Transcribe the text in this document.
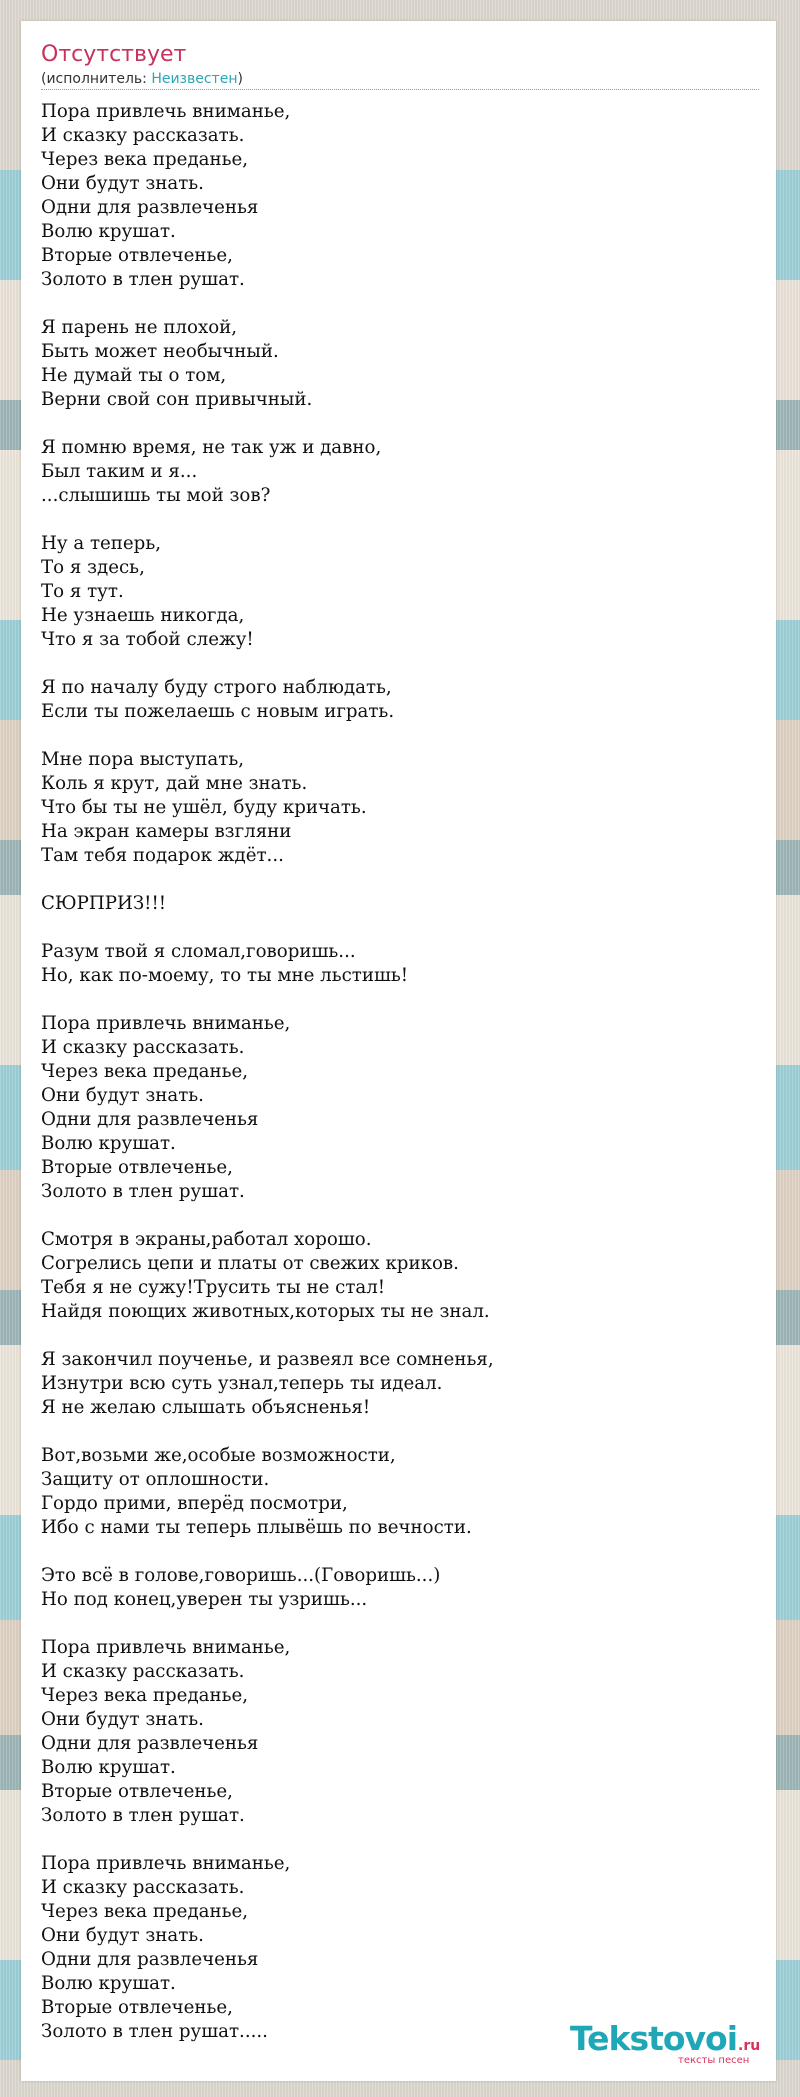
Отсутствует
(исполнитель: Неизвестен)
Пора привлечь вниманье,
И сказку рассказать.
Через века преданье,
Они будут знать.
Одни для развлеченья
Волю крушат.
Вторые отвлеченье,
Золото в тлен рушат.
Я парень не плохой,
Быть может необычный.
Не думай ты о том,
Верни свой сон привычный.
Я помню время, не так уж и давно,
Был таким и я...
...слышишь ты мой зов?
Ну а теперь,
То я здесь,
То я тут.
Не узнаешь никогда,
Что я за тобой слежу!
Я по началу буду строго наблюдать,
Если ты пожелаешь с новым играть.
Мне пора выступать,
Коль я крут, дай мне знать.
Что бы ты не ушёл, буду кричать.
На экран камеры взгляни
Там тебя подарок ждёт...
СЮРПРИЗ!!!
Разум твой я сломал,говоришь...
Но, как по-моему, то ты мне льстишь!
Пора привлечь вниманье,
И сказку рассказать.
Через века преданье,
Они будут знать.
Одни для развлеченья
Волю крушат.
Вторые отвлеченье,
Золото в тлен рушат.
Смотря в экраны,работал хорошо.
Согрелись цепи и платы от свежих криков.
Тебя я не сужу!Трусить ты не стал!
Найдя поющих животных,которых ты не знал.
Я закончил поученье, и развеял все сомненья,
Изнутри всю суть узнал,теперь ты идеал.
Я не желаю слышать объясненья!
Вот,возьми же,особые возможности,
Защиту от оплошности.
Гордо прими, вперёд посмотри,
Ибо с нами ты теперь плывёшь по вечности.
Это всё в голове,говоришь...(Говоришь...)
Но под конец,уверен ты узришь...
Пора привлечь вниманье,
И сказку рассказать.
Через века преданье,
Они будут знать.
Одни для развлеченья
Волю крушат.
Вторые отвлеченье,
Золото в тлен рушат.
Пора привлечь вниманье,
И сказку рассказать.
Через века преданье,
Они будут знать.
Одни для развлеченья
Волю крушат.
Вторые отвлеченье,
Золото в тлен рушат.....	Tekstovoi.ru
тексты песен
